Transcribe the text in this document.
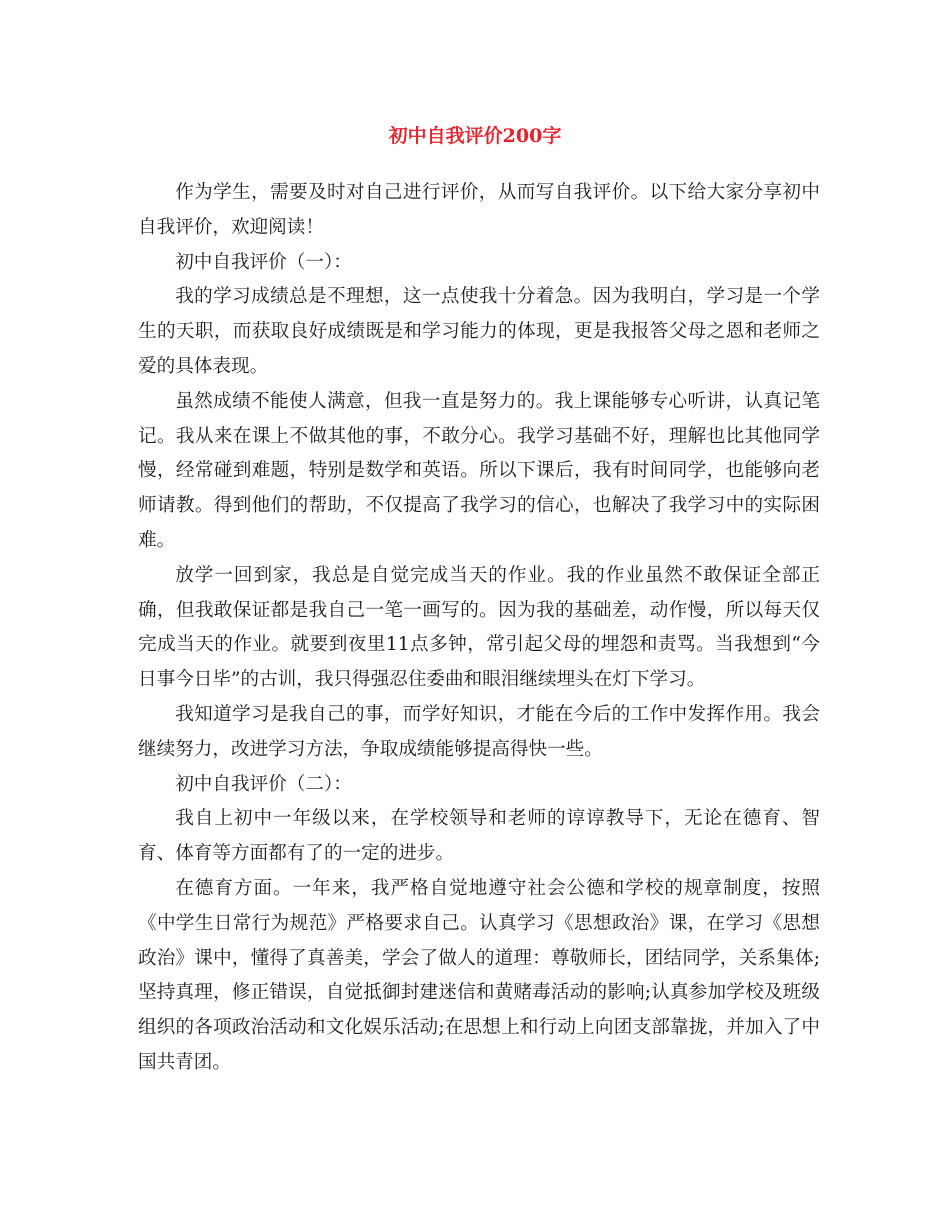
初中自我评价200字

作为学生，需要及时对自己进行评价，从而写自我评价。以下给大家分享初中自我评价，欢迎阅读！

初中自我评价（一）：

我的学习成绩总是不理想，这一点使我十分着急。因为我明白，学习是一个学生的天职，而获取良好成绩既是和学习能力的体现，更是我报答父母之恩和老师之爱的具体表现。

虽然成绩不能使人满意，但我一直是努力的。我上课能够专心听讲，认真记笔记。我从来在课上不做其他的事，不敢分心。我学习基础不好，理解也比其他同学慢，经常碰到难题，特别是数学和英语。所以下课后，我有时间同学，也能够向老师请教。得到他们的帮助，不仅提高了我学习的信心，也解决了我学习中的实际困难。

放学一回到家，我总是自觉完成当天的作业。我的作业虽然不敢保证全部正确，但我敢保证都是我自己一笔一画写的。因为我的基础差，动作慢，所以每天仅完成当天的作业。就要到夜里11点多钟，常引起父母的埋怨和责骂。当我想到“今日事今日毕”的古训，我只得强忍住委曲和眼泪继续埋头在灯下学习。

我知道学习是我自己的事，而学好知识，才能在今后的工作中发挥作用。我会继续努力，改进学习方法，争取成绩能够提高得快一些。

初中自我评价（二）：

我自上初中一年级以来，在学校领导和老师的谆谆教导下，无论在德育、智育、体育等方面都有了的一定的进步。

在德育方面。一年来，我严格自觉地遵守社会公德和学校的规章制度，按照《中学生日常行为规范》严格要求自己。认真学习《思想政治》课，在学习《思想政治》课中，懂得了真善美，学会了做人的道理：尊敬师长，团结同学，关系集体;坚持真理，修正错误，自觉抵御封建迷信和黄赌毒活动的影响;认真参加学校及班级组织的各项政治活动和文化娱乐活动;在思想上和行动上向团支部靠拢，并加入了中国共青团。
